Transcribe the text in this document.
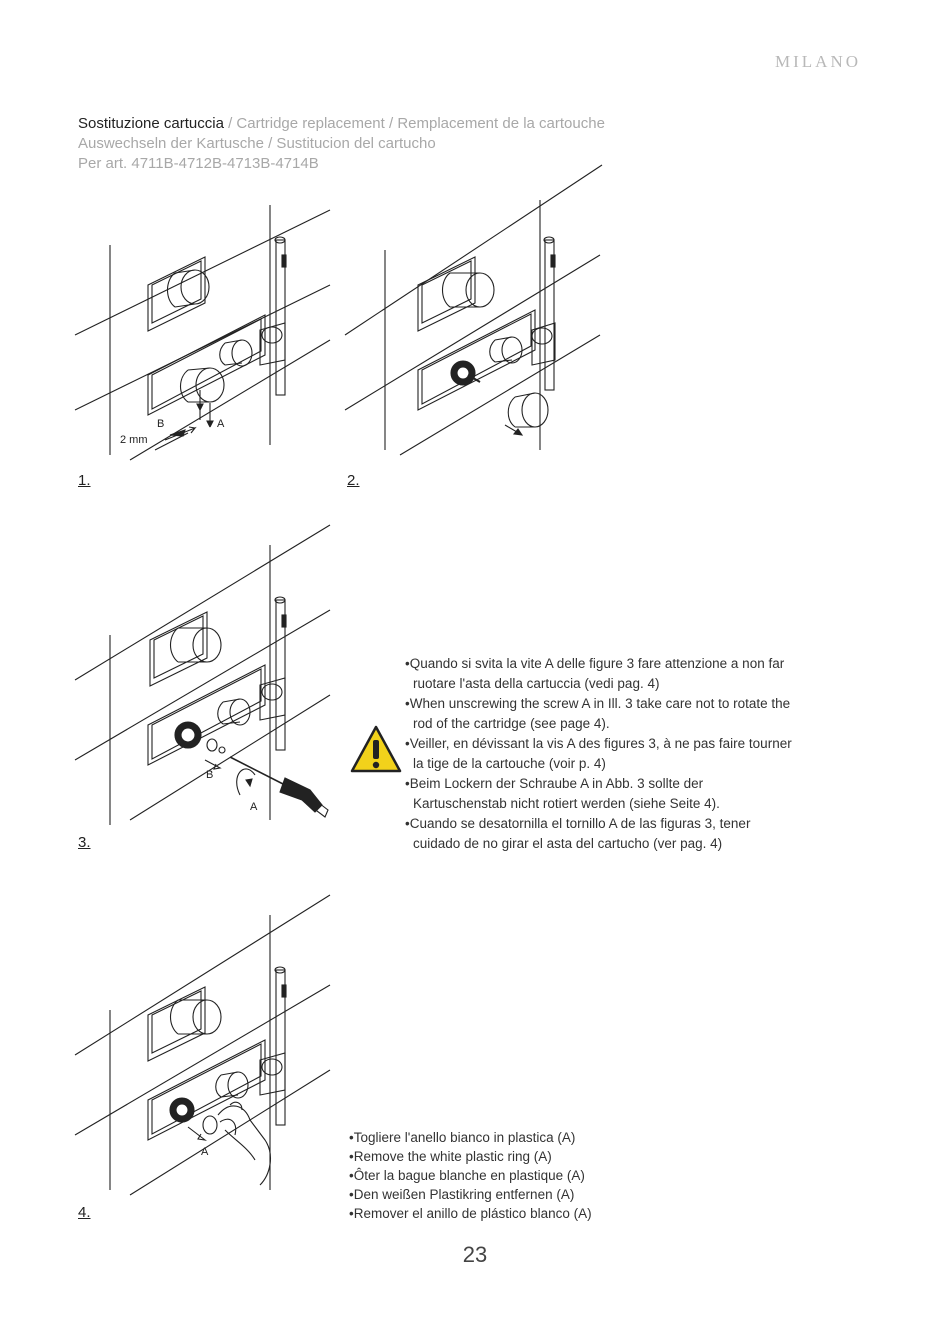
MILANO
Sostituzione cartuccia / Cartridge replacement / Remplacement de la cartouche
Auswechseln der Kartusche / Sustitucion del cartucho
Per art. 4711B-4712B-4713B-4714B
B	A
2 mm
1.	2.
B
A
3.
•Quando si svita la vite A delle figure 3 fare attenzione a non far
ruotare l'asta della cartuccia (vedi pag. 4)
•When unscrewing the screw A in Ill. 3 take care not to rotate the
rod of the cartridge (see page 4).
•Veiller, en dévissant la vis A des figures 3, à ne pas faire tourner
la tige de la cartouche (voir p. 4)
•Beim Lockern der Schraube A in Abb. 3 sollte der
Kartuschenstab nicht rotiert werden (siehe Seite 4).
•Cuando se desatornilla el tornillo A de las figuras 3, tener
cuidado de no girar el asta del cartucho (ver pag. 4)
A
4.
•Togliere l'anello bianco in plastica (A)
•Remove the white plastic ring (A)
•Ôter la bague blanche en plastique (A)
•Den weißen Plastikring entfernen (A)
•Remover el anillo de plástico blanco (A)
23
